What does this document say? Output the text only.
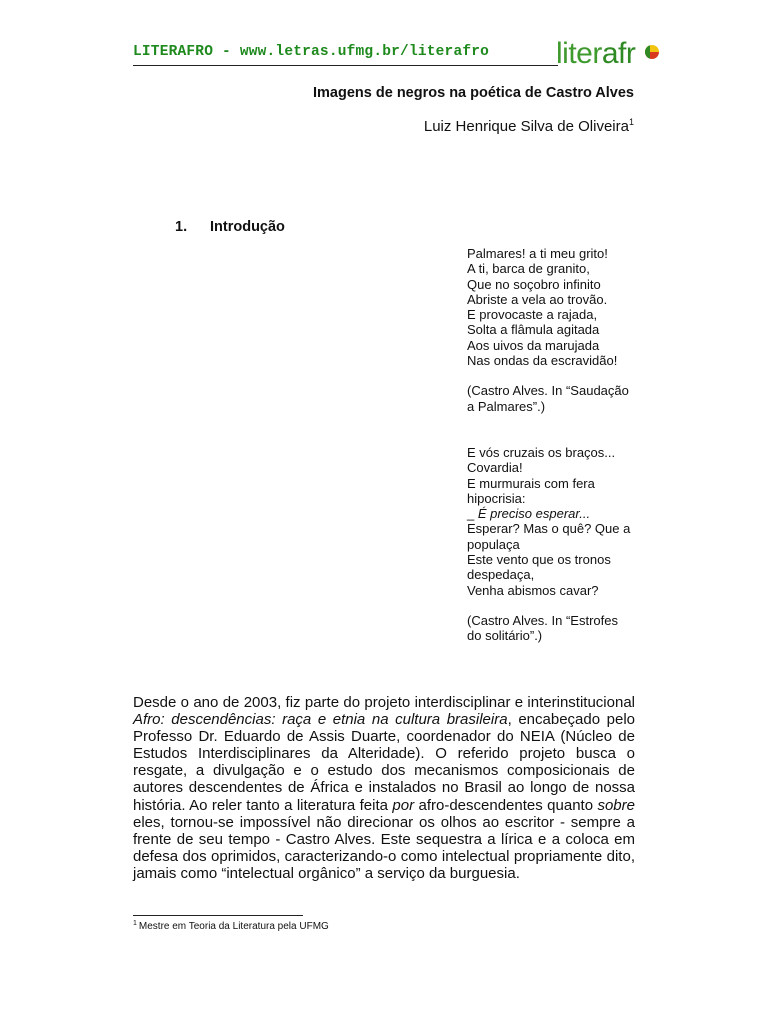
LITERAFRO - www.letras.ufmg.br/literafro literafr
Imagens de negros na poética de Castro Alves
Luiz Henrique Silva de Oliveira$^1$
1. Introdução
Palmares! a ti meu grito!
A ti, barca de granito,
Que no soçobro infinito
Abriste a vela ao trovão.
E provocaste a rajada,
Solta a flâmula agitada
Aos uivos da marujada
Nas ondas da escravidão!
(Castro Alves. In “Saudação
a Palmares”.)
E vós cruzais os braços...
Covardia!
E murmurais com fera
hipocrisia:
_ É preciso esperar...
Esperar? Mas o quê? Que a
populaça
Este vento que os tronos
despedaça,
Venha abismos cavar?
(Castro Alves. In “Estrofes
do solitário”.)
Desde o ano de 2003, fiz parte do projeto interdisciplinar e interinstitucional Afro: descendências: raça e etnia na cultura brasileira, encabeçado pelo Professo Dr. Eduardo de Assis Duarte, coordenador do NEIA (Núcleo de Estudos Interdisciplinares da Alteridade). O referido projeto busca o resgate, a divulgação e o estudo dos mecanismos composicionais de autores descendentes de África e instalados no Brasil ao longo de nossa história. Ao reler tanto a literatura feita por afro-descendentes quanto sobre eles, tornou-se impossível não direcionar os olhos ao escritor - sempre a frente de seu tempo - Castro Alves. Este sequestra a lírica e a coloca em defesa dos oprimidos, caracterizando-o como intelectual propriamente dito, jamais como “intelectual orgânico” a serviço da burguesia.
$^1$ Mestre em Teoria da Literatura pela UFMG
